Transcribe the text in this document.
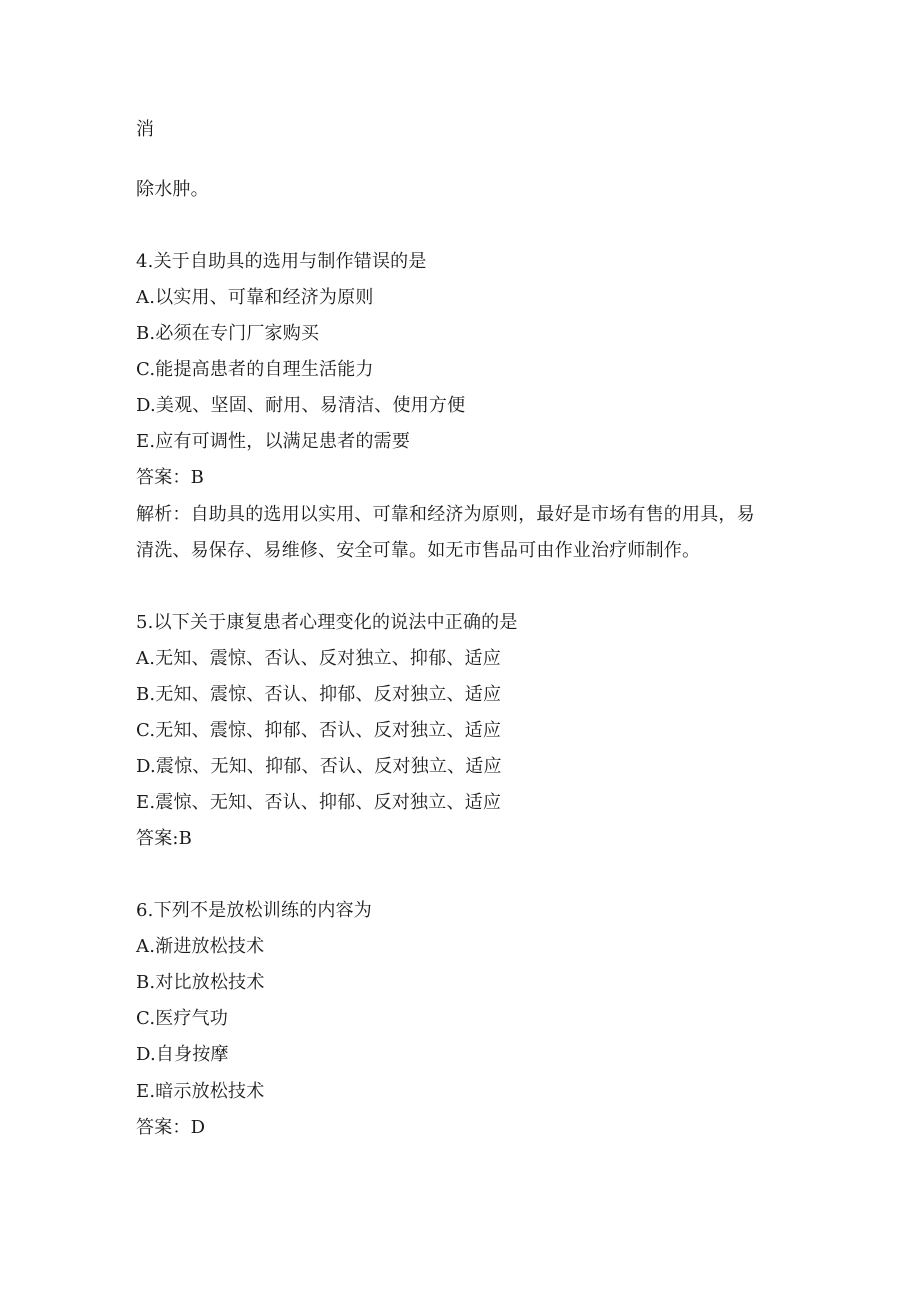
消
除水肿。
4.关于自助具的选用与制作错误的是
A.以实用、可靠和经济为原则
B.必须在专门厂家购买
C.能提高患者的自理生活能力
D.美观、坚固、耐用、易清洁、使用方便
E.应有可调性，以满足患者的需要
答案：B
解析：自助具的选用以实用、可靠和经济为原则，最好是市场有售的用具，易
清洗、易保存、易维修、安全可靠。如无市售品可由作业治疗师制作。
5.以下关于康复患者心理变化的说法中正确的是
A.无知、震惊、否认、反对独立、抑郁、适应
B.无知、震惊、否认、抑郁、反对独立、适应
C.无知、震惊、抑郁、否认、反对独立、适应
D.震惊、无知、抑郁、否认、反对独立、适应
E.震惊、无知、否认、抑郁、反对独立、适应
答案:B
6.下列不是放松训练的内容为
A.渐进放松技术
B.对比放松技术
C.医疗气功
D.自身按摩
E.暗示放松技术
答案：D
